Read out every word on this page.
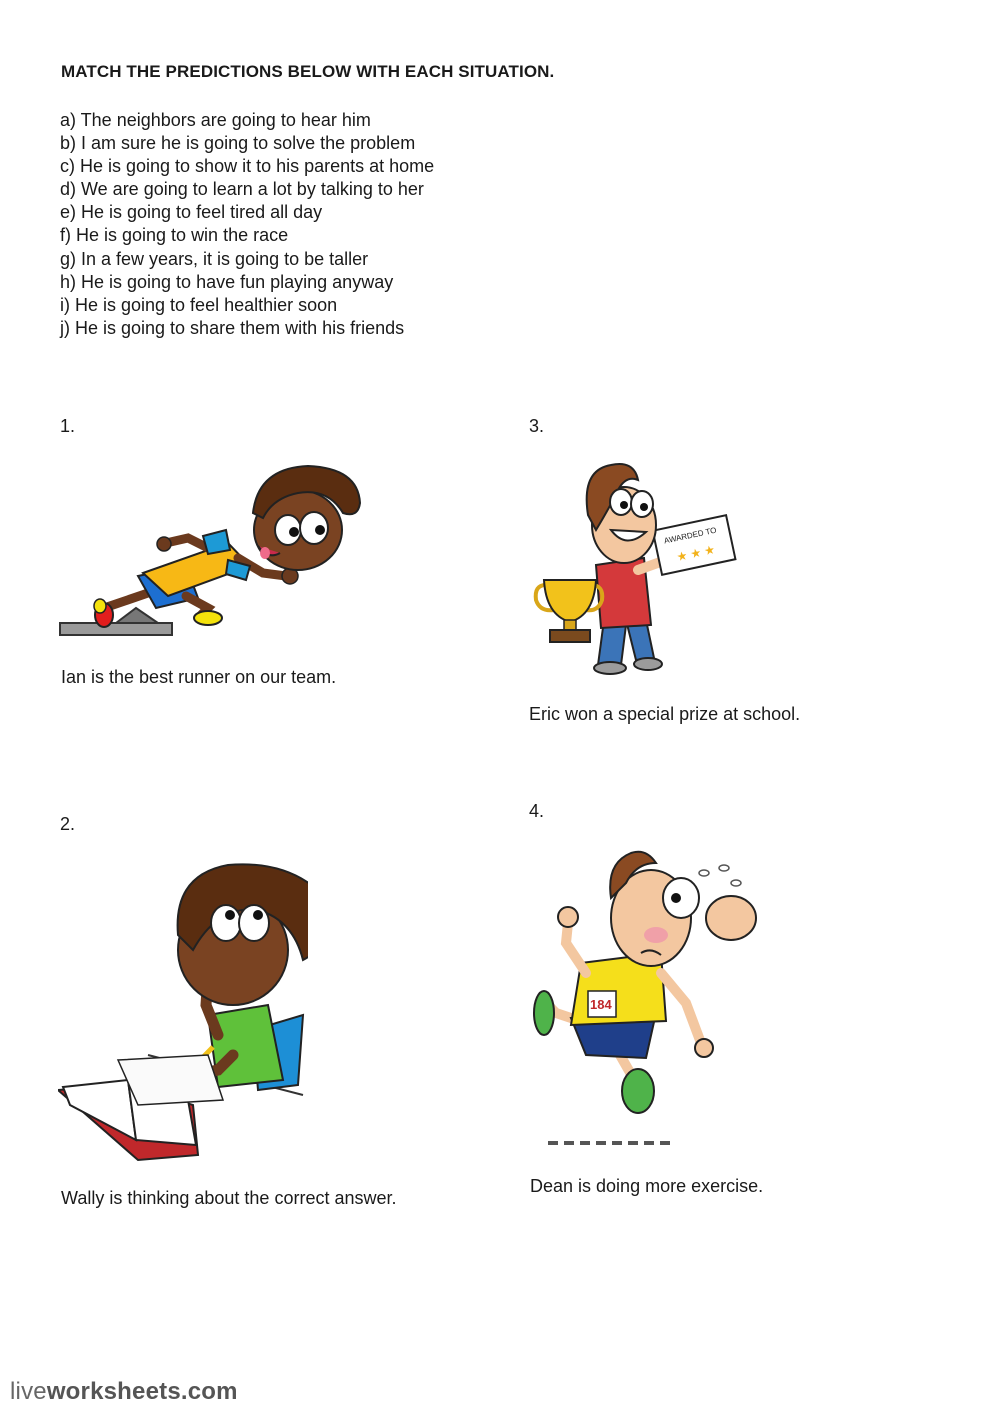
MATCH THE PREDICTIONS BELOW WITH EACH SITUATION.
a) The neighbors are going to hear him
b) I am sure he is going to solve the problem
c) He is going to show it to his parents at home
d) We are going to learn a lot by talking to her
e) He is going to feel tired all day
f) He is going to win the race
g) In a few years, it is going to be taller
h) He is going to have fun playing anyway
i) He is going to feel healthier soon
j) He is going to share them with his friends
1.
Ian is the best runner on our team.
3.
AWARDED TO
★ ★ ★
Eric won a special prize at school.
2.
Wally is thinking about the correct answer.
4.
184
Dean is doing more exercise.
liveworksheets.com
